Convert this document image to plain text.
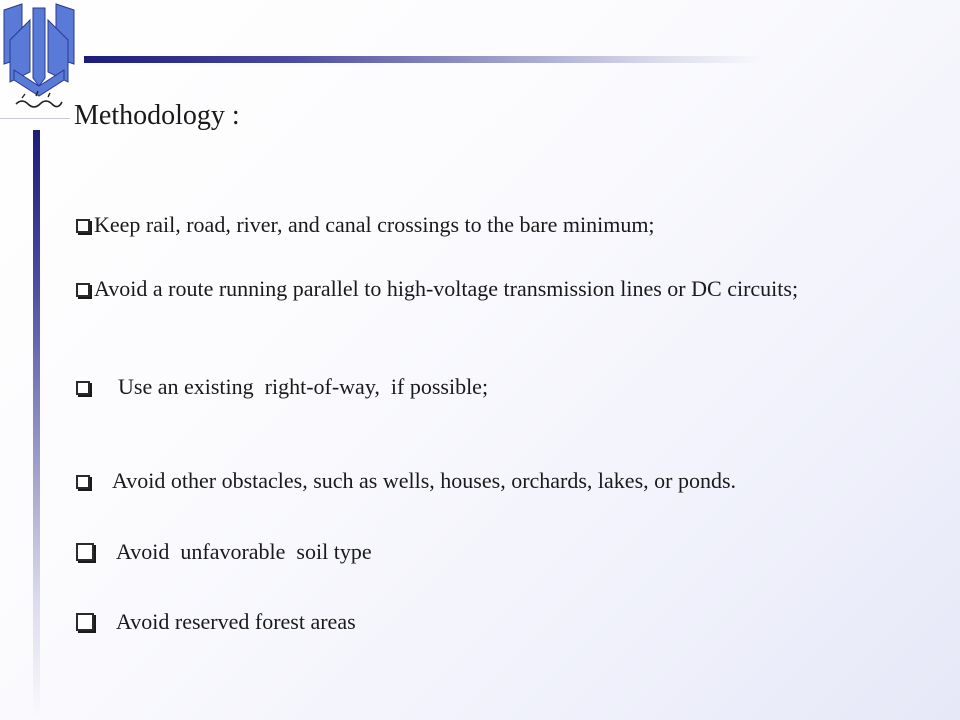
Methodology :
Keep rail, road, river, and canal crossings to the bare minimum;
Avoid a route running parallel to high-voltage transmission lines or DC circuits;
Use an existing  right-of-way,  if possible;
Avoid other obstacles, such as wells, houses, orchards, lakes, or ponds.
Avoid  unfavorable  soil type
Avoid reserved forest areas
